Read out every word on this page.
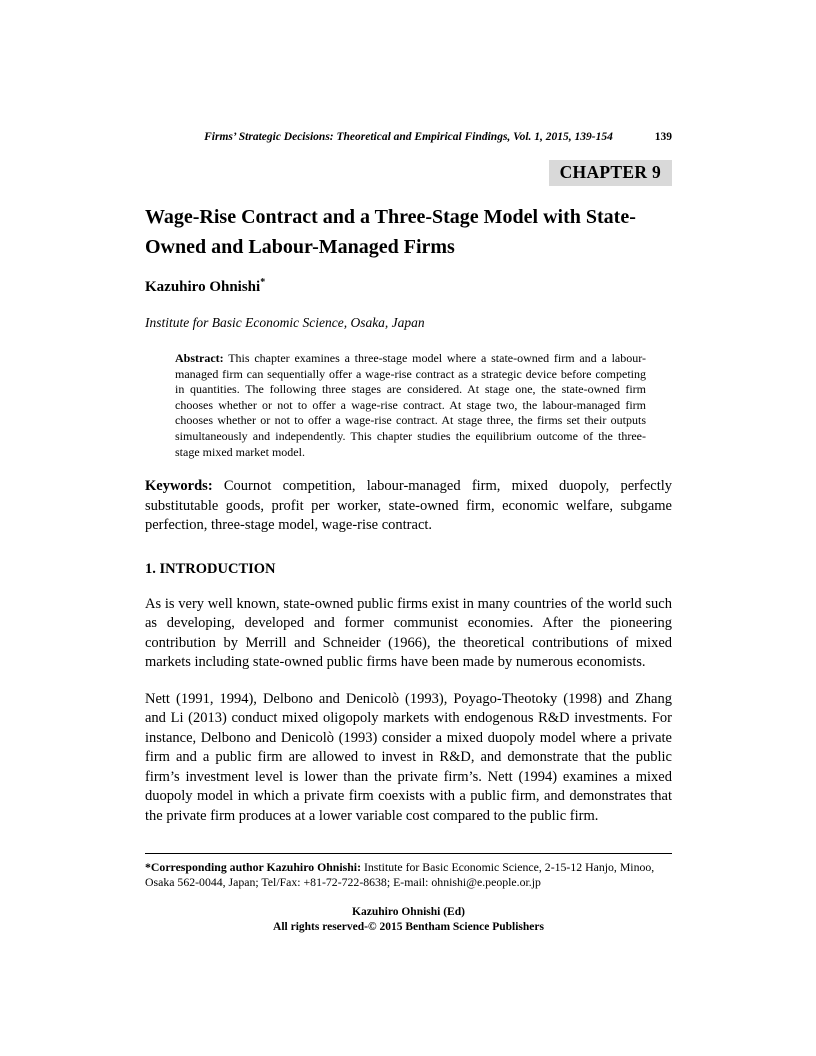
Firms’ Strategic Decisions: Theoretical and Empirical Findings, Vol. 1, 2015, 139-154	139
CHAPTER 9
Wage-Rise Contract and a Three-Stage Model with State-Owned and Labour-Managed Firms
Kazuhiro Ohnishi*
Institute for Basic Economic Science, Osaka, Japan

Abstract: This chapter examines a three-stage model where a state-owned firm and a labour-managed firm can sequentially offer a wage-rise contract as a strategic device before competing in quantities. The following three stages are considered. At stage one, the state-owned firm chooses whether or not to offer a wage-rise contract. At stage two, the labour-managed firm chooses whether or not to offer a wage-rise contract. At stage three, the firms set their outputs simultaneously and independently. This chapter studies the equilibrium outcome of the three-stage mixed market model.

Keywords: Cournot competition, labour-managed firm, mixed duopoly, perfectly substitutable goods, profit per worker, state-owned firm, economic welfare, subgame perfection, three-stage model, wage-rise contract.

1. INTRODUCTION

As is very well known, state-owned public firms exist in many countries of the world such as developing, developed and former communist economies. After the pioneering contribution by Merrill and Schneider (1966), the theoretical contributions of mixed markets including state-owned public firms have been made by numerous economists.

Nett (1991, 1994), Delbono and Denicolò (1993), Poyago-Theotoky (1998) and Zhang and Li (2013) conduct mixed oligopoly markets with endogenous R&D investments. For instance, Delbono and Denicolò (1993) consider a mixed duopoly model where a private firm and a public firm are allowed to invest in R&D, and demonstrate that the public firm’s investment level is lower than the private firm’s. Nett (1994) examines a mixed duopoly model in which a private firm coexists with a public firm, and demonstrates that the private firm produces at a lower variable cost compared to the public firm.

*Corresponding author Kazuhiro Ohnishi: Institute for Basic Economic Science, 2-15-12 Hanjo, Minoo, Osaka 562-0044, Japan; Tel/Fax: +81-72-722-8638; E-mail: ohnishi@e.people.or.jp

Kazuhiro Ohnishi (Ed)
All rights reserved-© 2015 Bentham Science Publishers
